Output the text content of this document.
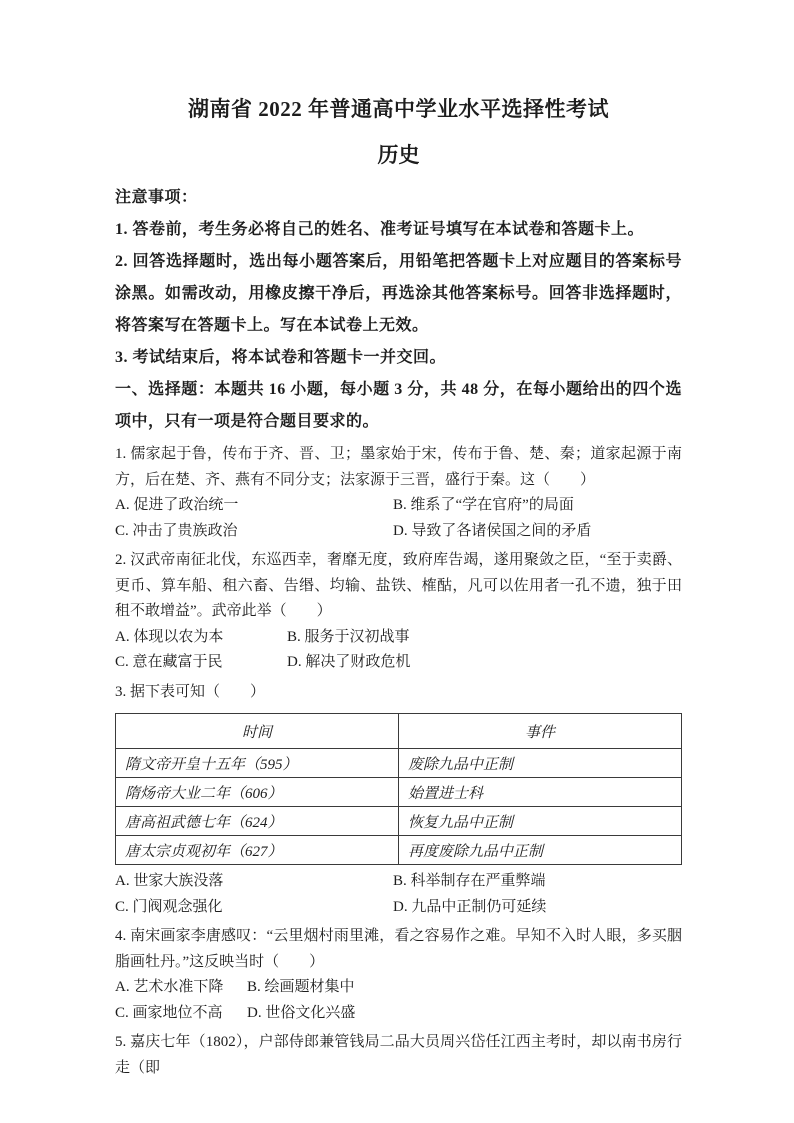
湖南省 2022 年普通高中学业水平选择性考试
历史

注意事项：

1. 答卷前，考生务必将自己的姓名、准考证号填写在本试卷和答题卡上。

2. 回答选择题时，选出每小题答案后，用铅笔把答题卡上对应题目的答案标号涂黑。如需改动，用橡皮擦干净后，再选涂其他答案标号。回答非选择题时，将答案写在答题卡上。写在本试卷上无效。

3. 考试结束后，将本试卷和答题卡一并交回。

一、选择题：本题共 16 小题，每小题 3 分，共 48 分，在每小题给出的四个选项中，只有一项是符合题目要求的。

1. 儒家起于鲁，传布于齐、晋、卫；墨家始于宋，传布于鲁、楚、秦；道家起源于南方，后在楚、齐、燕有不同分支；法家源于三晋，盛行于秦。这（　　）

A. 促进了政治统一	B. 维系了“学在官府”的局面
C. 冲击了贵族政治	D. 导致了各诸侯国之间的矛盾

2. 汉武帝南征北伐，东巡西幸，奢靡无度，致府库告竭，遂用聚敛之臣，“至于卖爵、更币、算车船、租六畜、告缗、均输、盐铁、榷酤，凡可以佐用者一孔不遗，独于田租不敢增益”。武帝此举（　　）

A. 体现以农为本	B. 服务于汉初战事
C. 意在藏富于民	D. 解决了财政危机

3. 据下表可知（　　）

时间	事件
隋文帝开皇十五年（595）	废除九品中正制
隋炀帝大业二年（606）	始置进士科
唐高祖武德七年（624）	恢复九品中正制
唐太宗贞观初年（627）	再度废除九品中正制
A. 世家大族没落	B. 科举制存在严重弊端
C. 门阀观念强化	D. 九品中正制仍可延续

4. 南宋画家李唐感叹：“云里烟村雨里滩，看之容易作之难。早知不入时人眼，多买胭脂画牡丹。”这反映当时（　　）

A. 艺术水准下降	B. 绘画题材集中
C. 画家地位不高	D. 世俗文化兴盛

5. 嘉庆七年（1802），户部侍郎兼管钱局二品大员周兴岱任江西主考时，却以南书房行走（即
